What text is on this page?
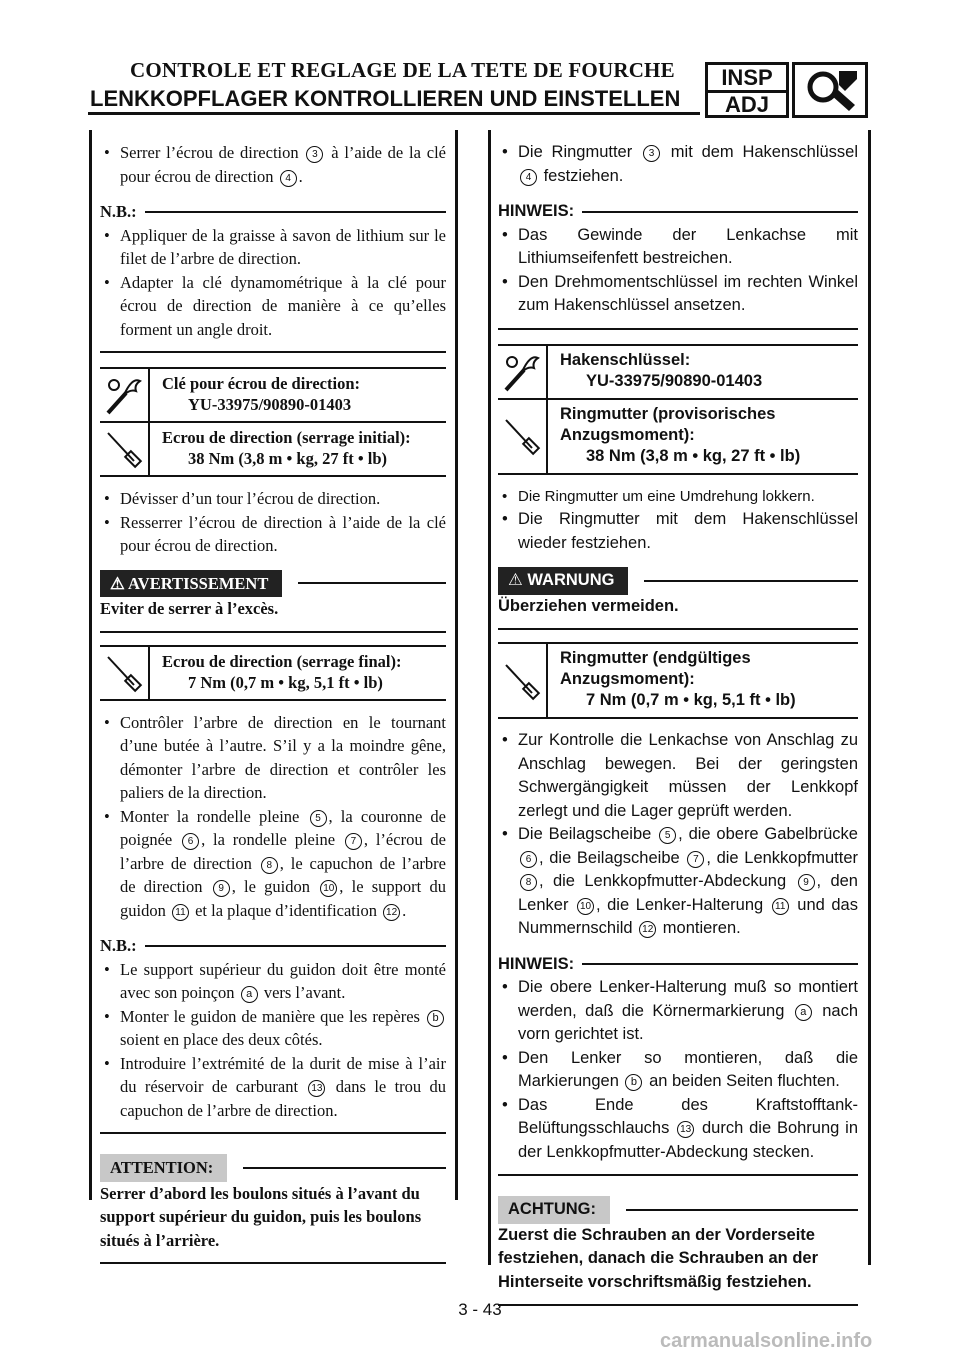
CONTROLE ET REGLAGE DE LA TETE DE FOURCHE
LENKKOPFLAGER KONTROLLIEREN UND EINSTELLEN
INSP
ADJ

• Serrer l’écrou de direction 3 à l’aide de la clé pour écrou de direction 4 .

N.B.:

• Appliquer de la graisse à savon de lithium sur le filet de l’arbre de direction.

• Adapter la clé dynamométrique à la clé pour écrou de direction de manière à ce qu’elles forment un angle droit.

Clé pour écrou de direction:
YU-33975/90890-01403
Ecrou de direction (serrage initial):
38 Nm (3,8 m • kg, 27 ft • lb)

• Dévisser d’un tour l’écrou de direction.

• Resserrer l’écrou de direction à l’aide de la clé pour écrou de direction.

⚠ AVERTISSEMENT

Eviter de serrer à l’excès.

Ecrou de direction (serrage final):
7 Nm (0,7 m • kg, 5,1 ft • lb)

• Contrôler l’arbre de direction en le tournant d’une butée à l’autre. S’il y a la moindre gêne, démonter l’arbre de direction et contrôler les paliers de la direction.

• Monter la rondelle pleine 5 , la couronne de poignée 6 , la rondelle pleine 7 , l’écrou de l’arbre de direction 8 , le capuchon de l’arbre de direction 9 , le guidon 10 , le support du guidon 11 et la plaque d’identification 12 .

N.B.:

• Le support supérieur du guidon doit être monté avec son poinçon a vers l’avant.

• Monter le guidon de manière que les repères b soient en place des deux côtés.

• Introduire l’extrémité de la durit de mise à l’air du réservoir de carburant 13 dans le trou du capuchon de l’arbre de direction.

ATTENTION:

Serrer d’abord les boulons situés à l’avant du support supérieur du guidon, puis les boulons situés à l’arrière.

• Die Ringmutter 3 mit dem Hakenschlüssel 4 festziehen.

HINWEIS:

• Das Gewinde der Lenkachse mit Lithiumseifenfett bestreichen.

• Den Drehmomentschlüssel im rechten Winkel zum Hakenschlüssel ansetzen.

Hakenschlüssel:
YU-33975/90890-01403
Ringmutter (provisorisches Anzugsmoment):
38 Nm (3,8 m • kg, 27 ft • lb)

• Die Ringmutter um eine Umdrehung lokkern.

• Die Ringmutter mit dem Hakenschlüssel wieder festziehen.

⚠ WARNUNG

Überziehen vermeiden.

Ringmutter (endgültiges Anzugsmoment):
7 Nm (0,7 m • kg, 5,1 ft • lb)

• Zur Kontrolle die Lenkachse von Anschlag zu Anschlag bewegen. Bei der geringsten Schwergängigkeit müssen der Lenkkopf zerlegt und die Lager geprüft werden.

• Die Beilagscheibe 5 , die obere Gabelbrücke 6 , die Beilagscheibe 7 , die Lenkkopfmutter 8 , die Lenkkopfmutter-Abdeckung 9 , den Lenker 10 , die Lenker-Halterung 11 und das Nummernschild 12 montieren.

HINWEIS:

• Die obere Lenker-Halterung muß so montiert werden, daß die Körnermarkierung a nach vorn gerichtet ist.

• Den Lenker so montieren, daß die Markierungen b an beiden Seiten fluchten.

• Das Ende des Kraftstofftank-Belüftungsschlauchs 13 durch die Bohrung in der Lenkkopfmutter-Abdeckung stecken.

ACHTUNG:

Zuerst die Schrauben an der Vorderseite festziehen, danach die Schrauben an der Hinterseite vorschriftsmäßig festziehen.

3 - 43
carmanualsonline.info
